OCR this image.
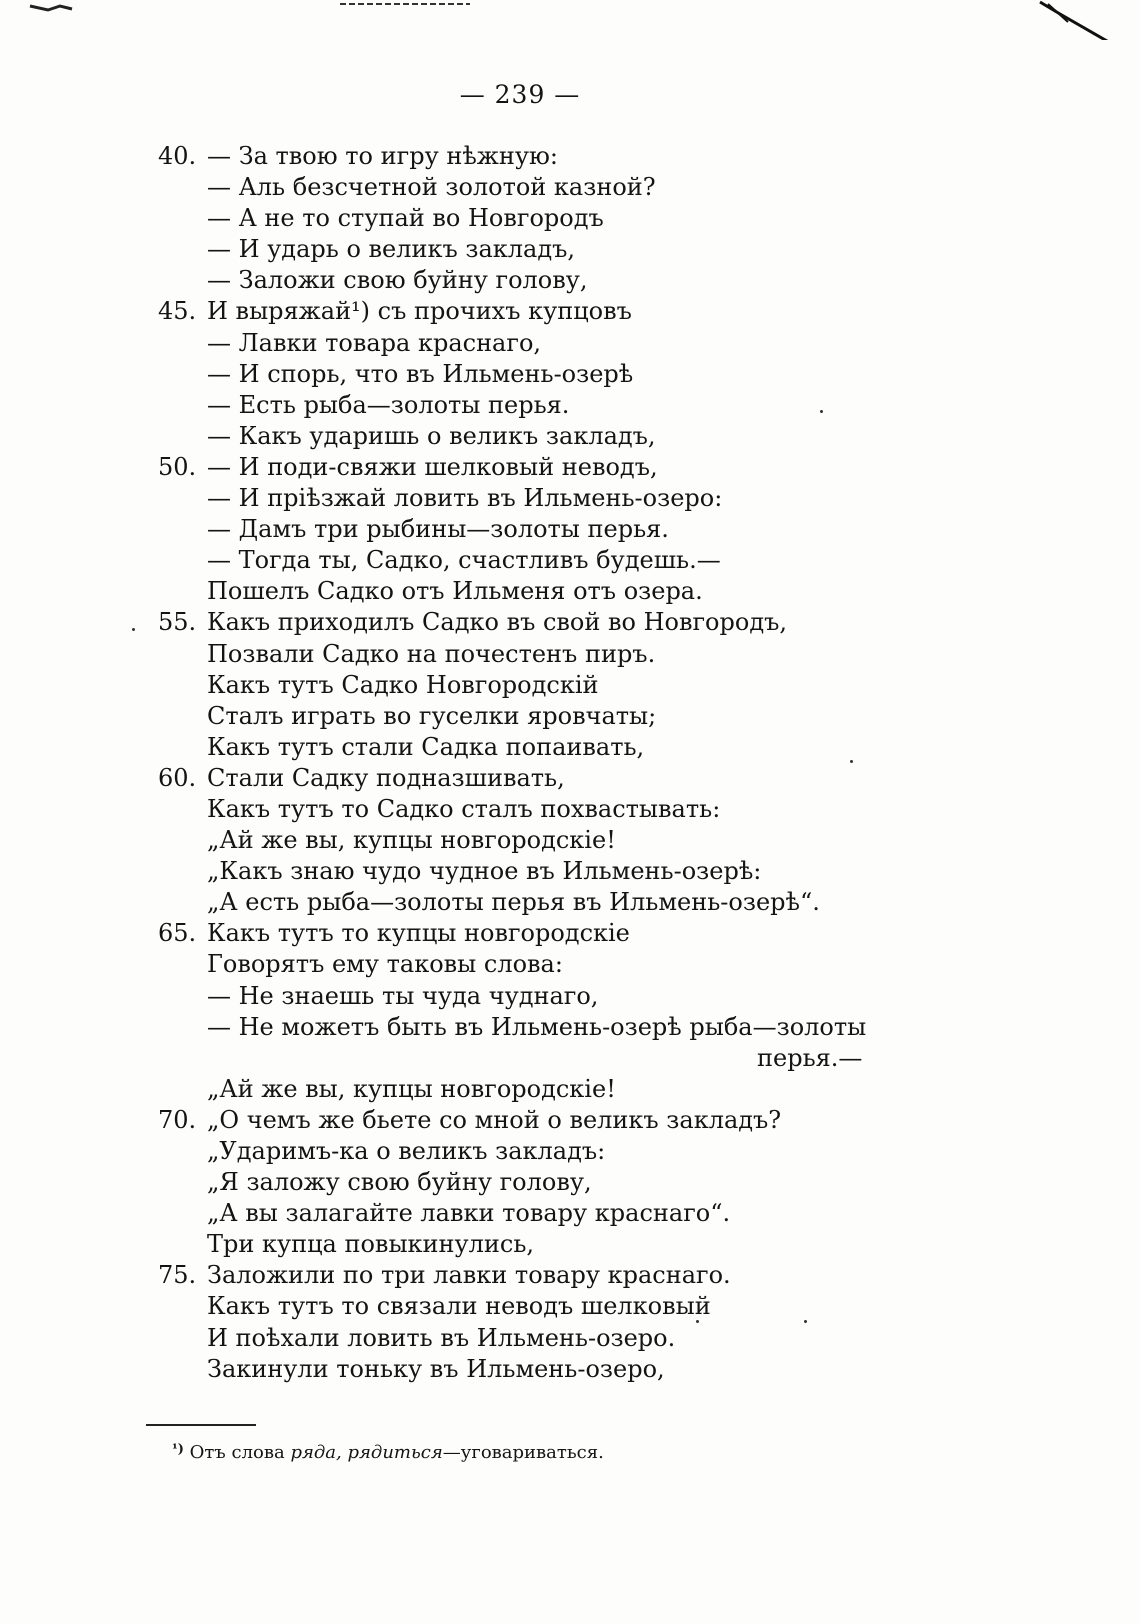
— 239 —
40. — За твою то игру нѣжную:
— Аль безсчетной золотой казной?
— А не то ступай во Новгородъ
— И ударь о великъ закладъ,
— Заложи свою буйну голову,
45. И выряжай¹) съ прочихъ купцовъ
— Лавки товара краснаго,
— И спорь, что въ Ильмень-озерѣ
— Есть рыба—золоты перья.
— Какъ ударишь о великъ закладъ,
50. — И поди-свяжи шелковый неводъ,
— И прiѣзжай ловить въ Ильмень-озеро:
— Дамъ три рыбины—золоты перья.
— Тогда ты, Садко, счастливъ будешь.—
Пошелъ Садко отъ Ильменя отъ озера.
55. Какъ приходилъ Садко въ свой во Новгородъ,
Позвали Садко на почестенъ пиръ.
Какъ тутъ Садко Новгородскiй
Сталъ играть во гуселки яровчаты;
Какъ тутъ стали Садка попаивать,
60. Стали Садку подназшивать,
Какъ тутъ то Садко сталъ похвастывать:
„Ай же вы, купцы новгородскiе!
„Какъ знаю чудо чудное въ Ильмень-озерѣ:
„А есть рыба—золоты перья въ Ильмень-озерѣ“.
65. Какъ тутъ то купцы новгородскiе
Говорятъ ему таковы слова:
— Не знаешь ты чуда чуднаго,
— Не можетъ быть въ Ильмень-озерѣ рыба—золоты
перья.—
„Ай же вы, купцы новгородскiе!
70. „О чемъ же бьете со мной о великъ закладъ?
„Ударимъ-ка о великъ закладъ:
„Я заложу свою буйну голову,
„А вы залагайте лавки товару краснаго“.
Три купца повыкинулись,
75. Заложили по три лавки товару краснаго.
Какъ тутъ то связали неводъ шелковый
И поѣхали ловить въ Ильмень-озеро.
Закинули тоньку въ Ильмень-озеро,
$^{^1)}$ Отъ слова ряда, рядиться—уговариваться.
